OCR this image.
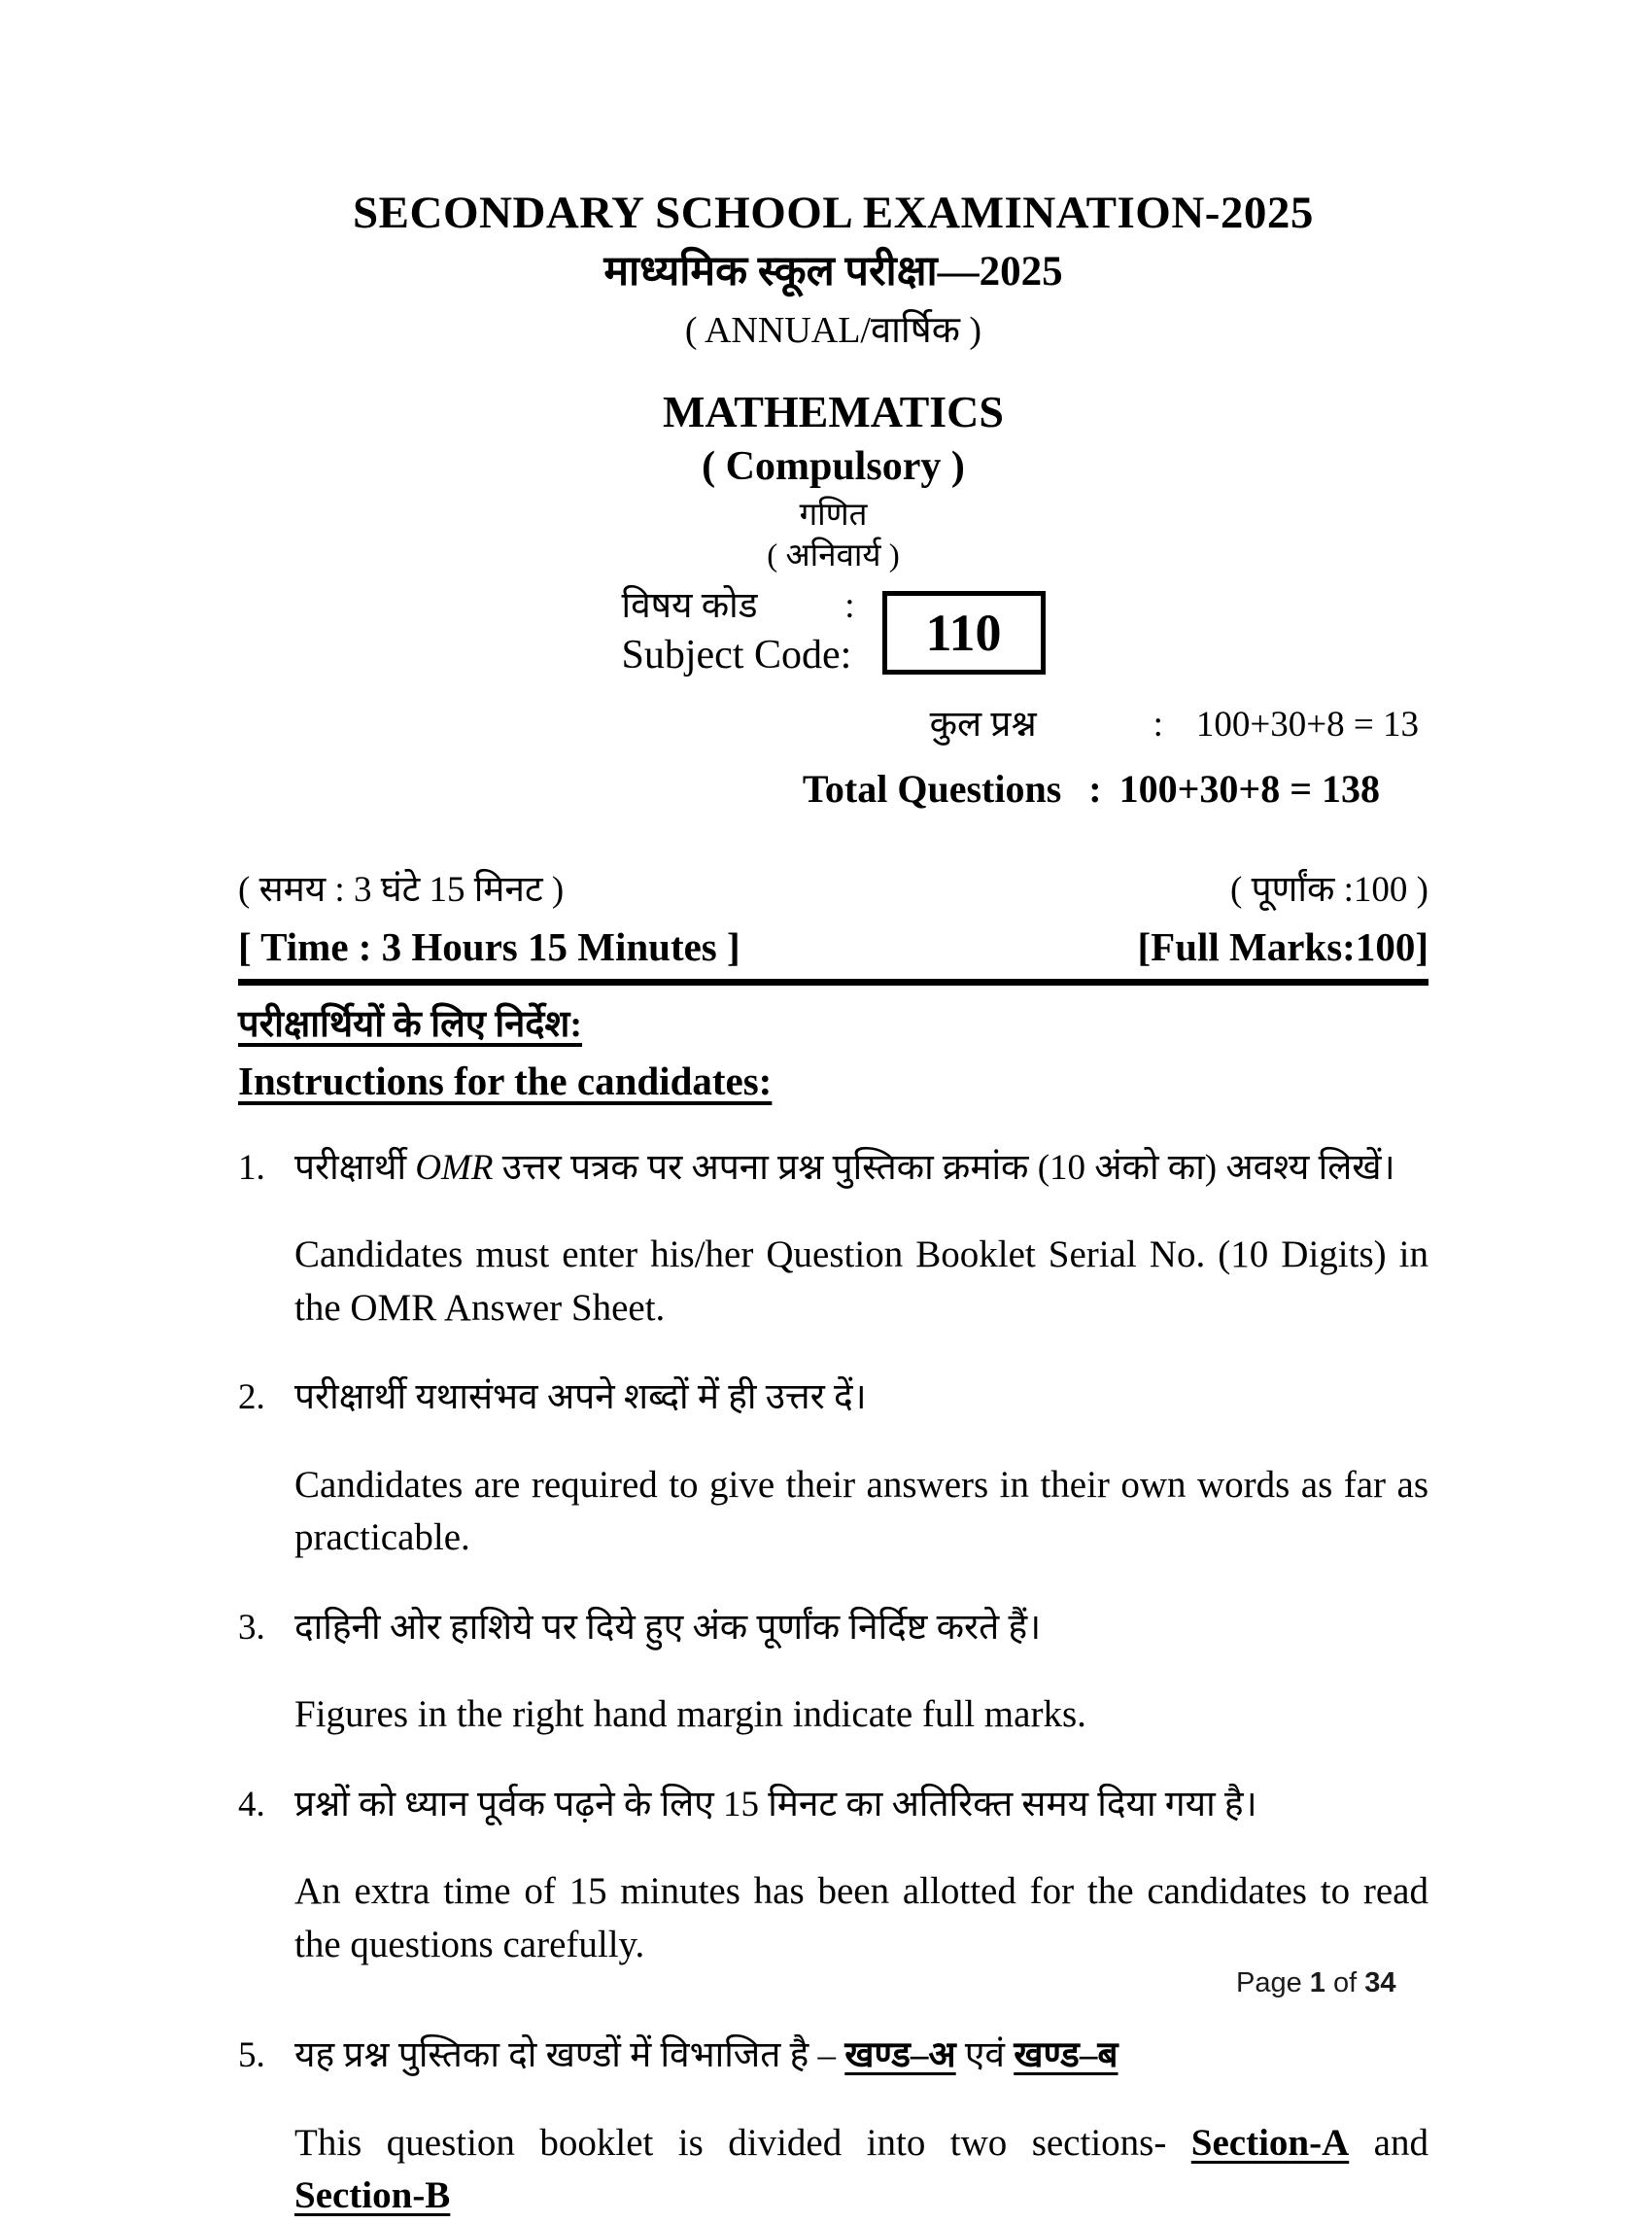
SECONDARY SCHOOL EXAMINATION-2025
माध्यमिक स्कूल परीक्षा—2025
( ANNUAL/वार्षिक )
MATHEMATICS
( Compulsory )
गणित
( अनिवार्य )
विषय कोड :
Subject Code: 110
कुल प्रश्न	: 100+30+8 = 13
Total Questions : 100+30+8 = 138
( समय : 3 घंटे 15 मिनट )	( पूर्णांक :100 )
[ Time : 3 Hours 15 Minutes ]	[Full Marks:100]
परीक्षार्थियों के लिए निर्देश:
Instructions for the candidates:
1. परीक्षार्थी OMR उत्तर पत्रक पर अपना प्रश्न पुस्तिका क्रमांक (10 अंको का) अवश्य लिखें।
Candidates must enter his/her Question Booklet Serial No. (10 Digits) in the OMR Answer Sheet.
2. परीक्षार्थी यथासंभव अपने शब्दों में ही उत्तर दें।
Candidates are required to give their answers in their own words as far as practicable.
3. दाहिनी ओर हाशिये पर दिये हुए अंक पूर्णांक निर्दिष्ट करते हैं।
Figures in the right hand margin indicate full marks.
4. प्रश्नों को ध्यान पूर्वक पढ़ने के लिए 15 मिनट का अतिरिक्त समय दिया गया है।
An extra time of 15 minutes has been allotted for the candidates to read the questions carefully.
5. यह प्रश्न पुस्तिका दो खण्डों में विभाजित है – खण्ड–अ एवं खण्ड–ब
This question booklet is divided into two sections- Section-A and Section-B
Page 1 of 34
